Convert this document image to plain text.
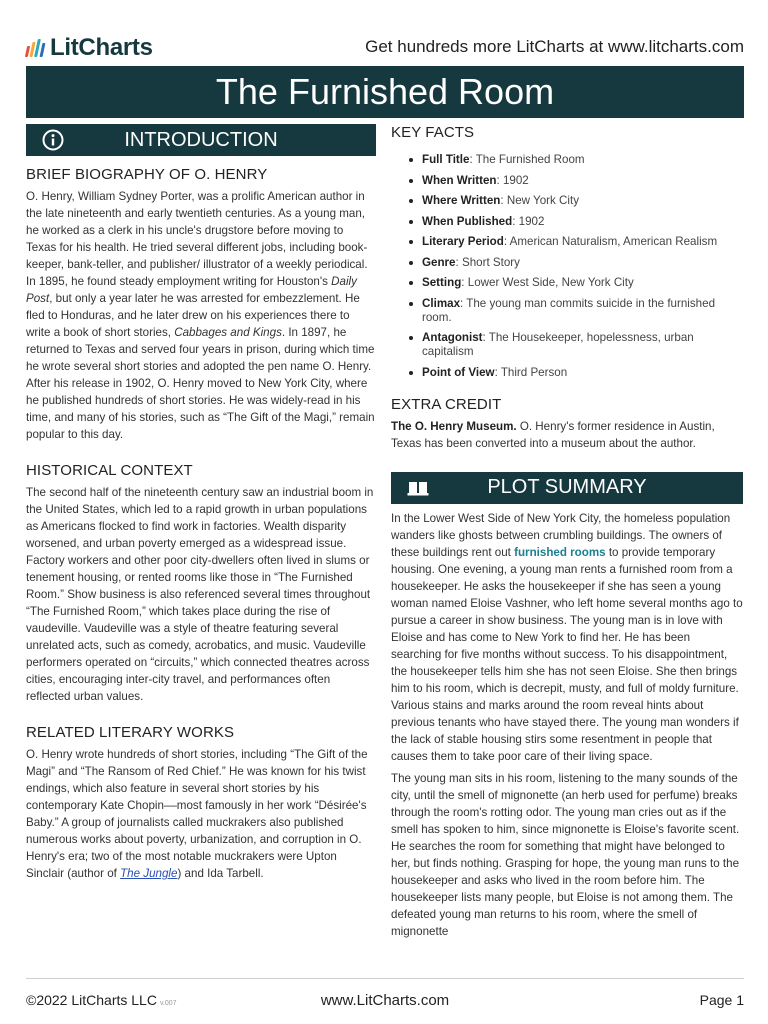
LitCharts	Get hundreds more LitCharts at www.litcharts.com
The Furnished Room
INTRODUCTION
BRIEF BIOGRAPHY OF O. HENRY

O. Henry, William Sydney Porter, was a prolific American author in the late nineteenth and early twentieth centuries. As a young man, he worked as a clerk in his uncle's drugstore before moving to Texas for his health. He tried several different jobs, including book-keeper, bank-teller, and publisher/ illustrator of a weekly periodical. In 1895, he found steady employment writing for Houston's Daily Post, but only a year later he was arrested for embezzlement. He fled to Honduras, and he later drew on his experiences there to write a book of short stories, Cabbages and Kings. In 1897, he returned to Texas and served four years in prison, during which time he wrote several short stories and adopted the pen name O. Henry. After his release in 1902, O. Henry moved to New York City, where he published hundreds of short stories. He was widely-read in his time, and many of his stories, such as “The Gift of the Magi,” remain popular to this day.

HISTORICAL CONTEXT

The second half of the nineteenth century saw an industrial boom in the United States, which led to a rapid growth in urban populations as Americans flocked to find work in factories. Wealth disparity worsened, and urban poverty emerged as a widespread issue. Factory workers and other poor city-dwellers often lived in slums or tenement housing, or rented rooms like those in “The Furnished Room.” Show business is also referenced several times throughout “The Furnished Room,” which takes place during the rise of vaudeville. Vaudeville was a style of theatre featuring several unrelated acts, such as comedy, acrobatics, and music. Vaudeville performers operated on “circuits,” which connected theatres across cities, encouraging inter-city travel, and performances often reflected urban values.

RELATED LITERARY WORKS

O. Henry wrote hundreds of short stories, including “The Gift of the Magi” and “The Ransom of Red Chief.” He was known for his twist endings, which also feature in several short stories by his contemporary Kate Chopin––most famously in her work “Désirée's Baby.” A group of journalists called muckrakers also published numerous works about poverty, urbanization, and corruption in O. Henry's era; two of the most notable muckrakers were Upton Sinclair (author of The Jungle) and Ida Tarbell.

KEY FACTS
Full Title: The Furnished Room
When Written: 1902
Where Written: New York City
When Published: 1902
Literary Period: American Naturalism, American Realism
Genre: Short Story
Setting: Lower West Side, New York City
Climax: The young man commits suicide in the furnished room.
Antagonist: The Housekeeper, hopelessness, urban capitalism
Point of View: Third Person
EXTRA CREDIT

The O. Henry Museum. O. Henry's former residence in Austin, Texas has been converted into a museum about the author.

PLOT SUMMARY

In the Lower West Side of New York City, the homeless population wanders like ghosts between crumbling buildings. The owners of these buildings rent out furnished rooms to provide temporary housing. One evening, a young man rents a furnished room from a housekeeper. He asks the housekeeper if she has seen a young woman named Eloise Vashner, who left home several months ago to pursue a career in show business. The young man is in love with Eloise and has come to New York to find her. He has been searching for five months without success. To his disappointment, the housekeeper tells him she has not seen Eloise. She then brings him to his room, which is decrepit, musty, and full of moldy furniture. Various stains and marks around the room reveal hints about previous tenants who have stayed there. The young man wonders if the lack of stable housing stirs some resentment in people that causes them to take poor care of their living space.

The young man sits in his room, listening to the many sounds of the city, until the smell of mignonette (an herb used for perfume) breaks through the room's rotting odor. The young man cries out as if the smell has spoken to him, since mignonette is Eloise's favorite scent. He searches the room for something that might have belonged to her, but finds nothing. Grasping for hope, the young man runs to the housekeeper and asks who lived in the room before him. The housekeeper lists many people, but Eloise is not among them. The defeated young man returns to his room, where the smell of mignonette

©2022 LitCharts LLC v.007	www.LitCharts.com	Page 1
